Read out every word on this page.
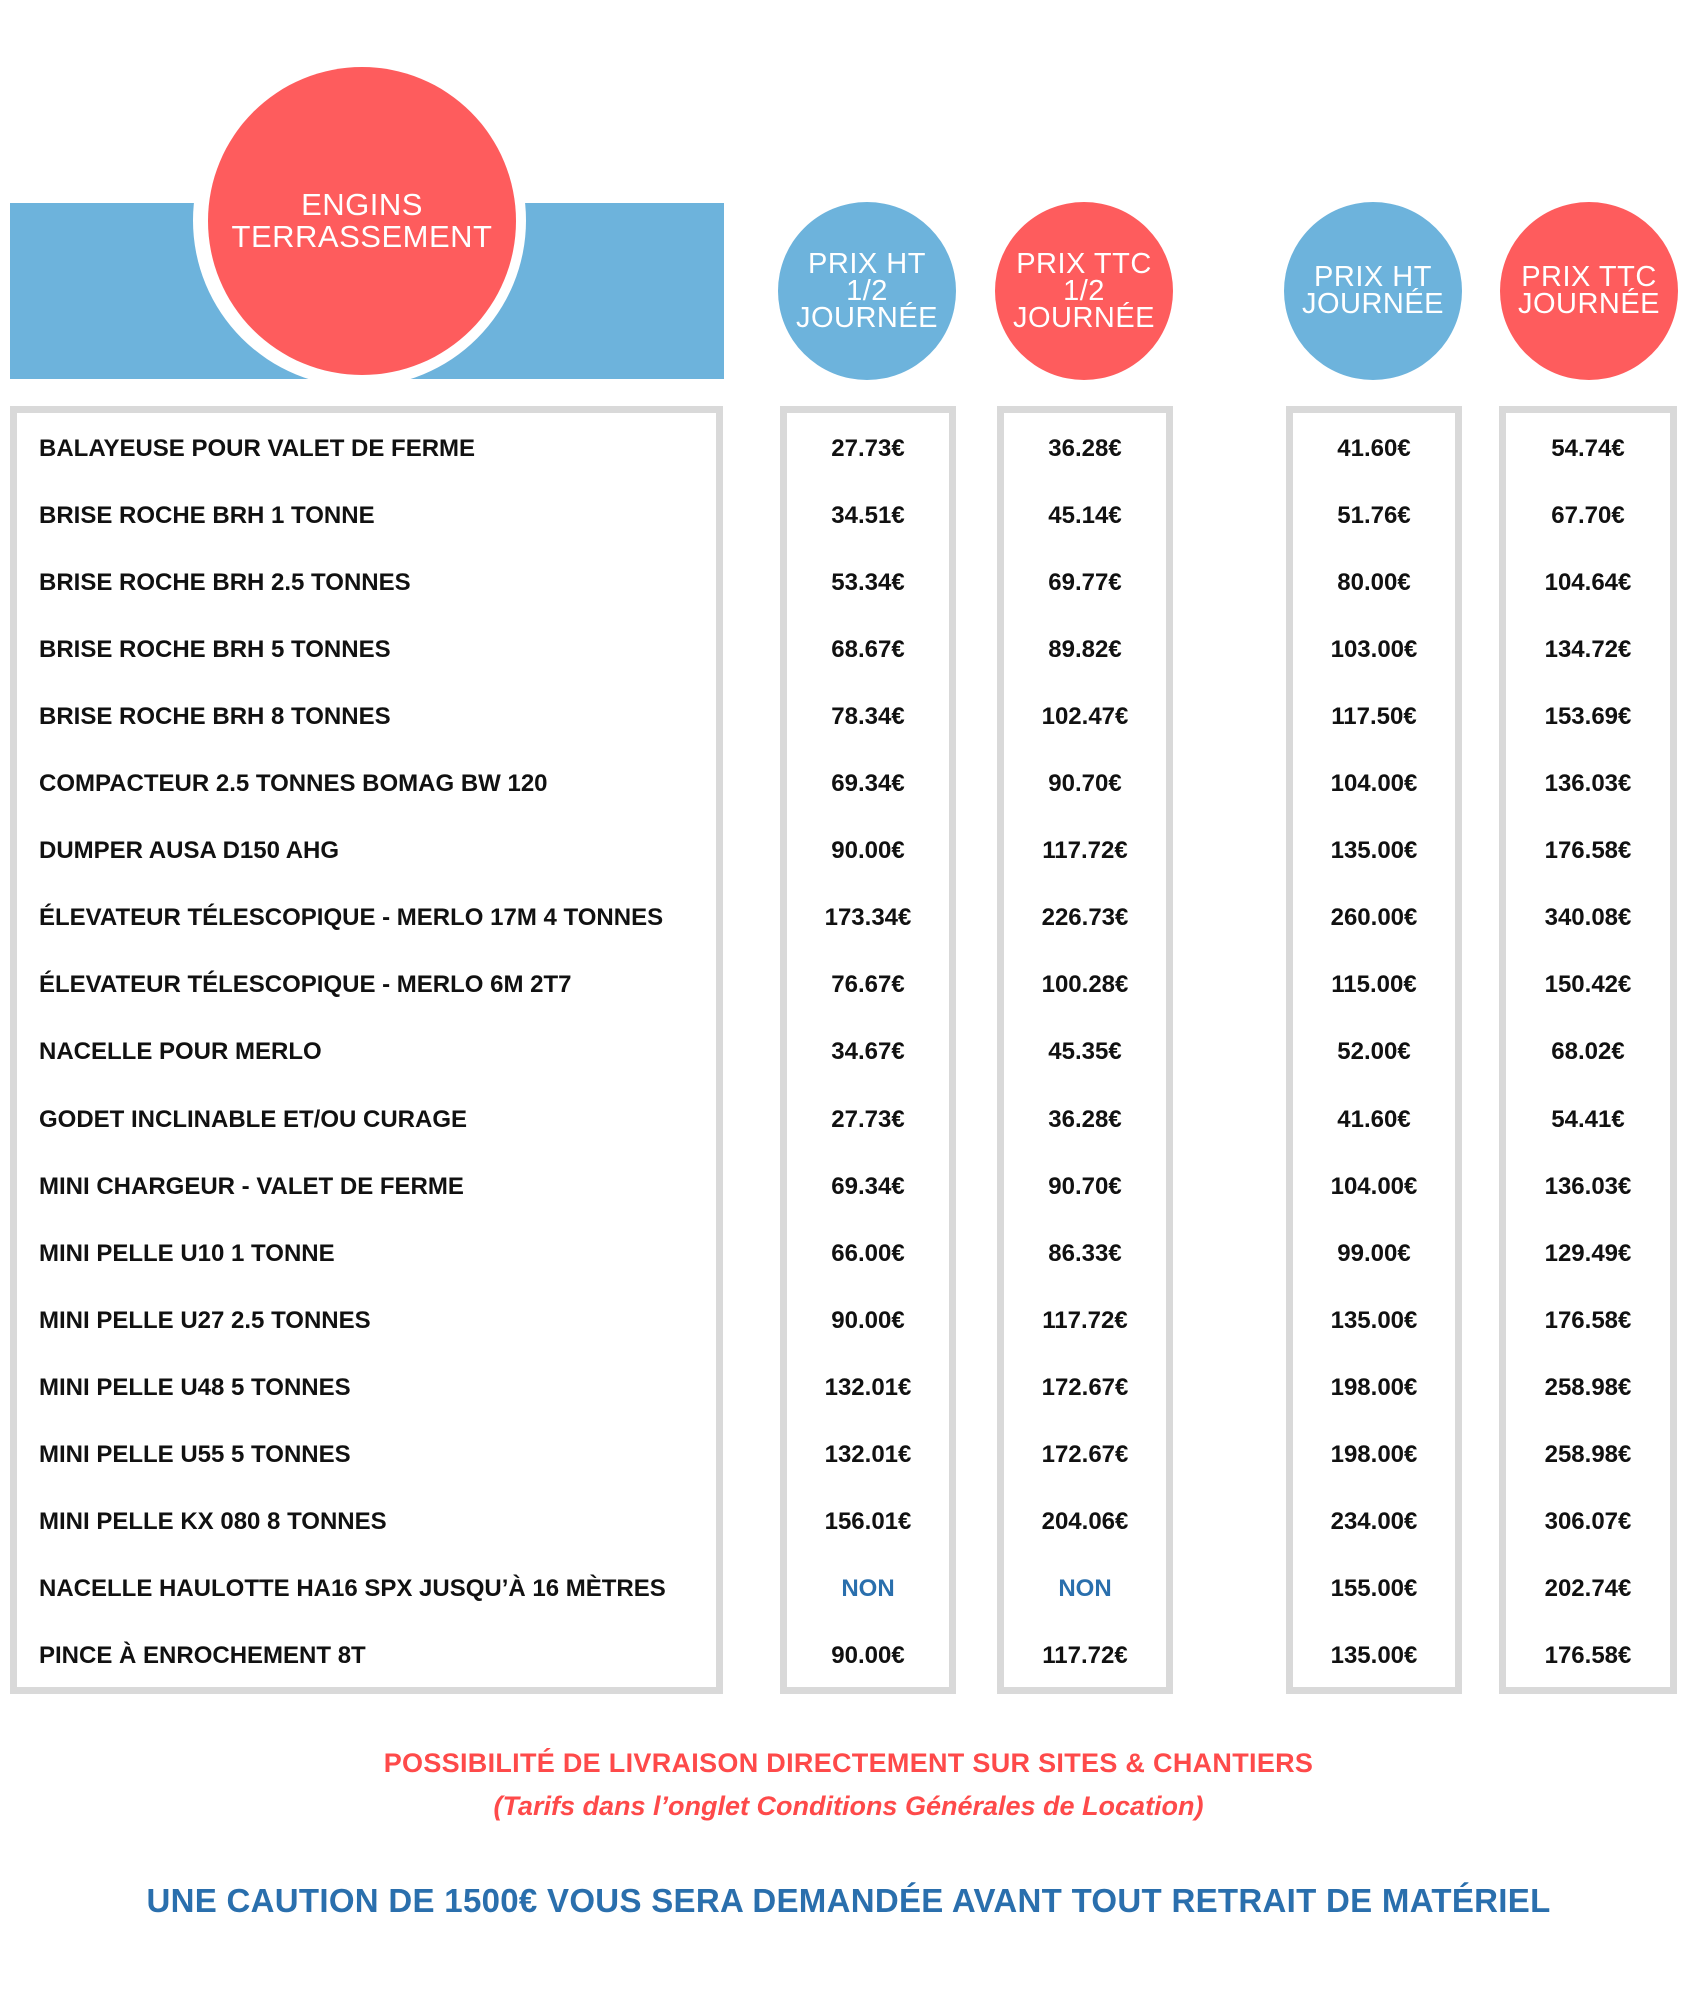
ENGINS
TERRASSEMENT
PRIX HT
1/2
JOURNÉE
PRIX TTC
1/2
JOURNÉE
PRIX HT
JOURNÉE
PRIX TTC
JOURNÉE
BALAYEUSE POUR VALET DE FERME
BRISE ROCHE BRH 1 TONNE
BRISE ROCHE BRH 2.5 TONNES
BRISE ROCHE BRH 5 TONNES
BRISE ROCHE BRH 8 TONNES
COMPACTEUR 2.5 TONNES BOMAG BW 120
DUMPER AUSA D150 AHG
ÉLEVATEUR TÉLESCOPIQUE - MERLO 17M 4 TONNES
ÉLEVATEUR TÉLESCOPIQUE - MERLO 6M 2T7
NACELLE POUR MERLO
GODET INCLINABLE ET/OU CURAGE
MINI CHARGEUR - VALET DE FERME
MINI PELLE U10 1 TONNE
MINI PELLE U27 2.5 TONNES
MINI PELLE U48 5 TONNES
MINI PELLE U55 5 TONNES
MINI PELLE KX 080 8 TONNES
NACELLE HAULOTTE HA16 SPX JUSQU’À 16 MÈTRES
PINCE À ENROCHEMENT 8T
27.73€
34.51€
53.34€
68.67€
78.34€
69.34€
90.00€
173.34€
76.67€
34.67€
27.73€
69.34€
66.00€
90.00€
132.01€
132.01€
156.01€
NON
90.00€
36.28€
45.14€
69.77€
89.82€
102.47€
90.70€
117.72€
226.73€
100.28€
45.35€
36.28€
90.70€
86.33€
117.72€
172.67€
172.67€
204.06€
NON
117.72€
41.60€
51.76€
80.00€
103.00€
117.50€
104.00€
135.00€
260.00€
115.00€
52.00€
41.60€
104.00€
99.00€
135.00€
198.00€
198.00€
234.00€
155.00€
135.00€
54.74€
67.70€
104.64€
134.72€
153.69€
136.03€
176.58€
340.08€
150.42€
68.02€
54.41€
136.03€
129.49€
176.58€
258.98€
258.98€
306.07€
202.74€
176.58€
POSSIBILITÉ DE LIVRAISON DIRECTEMENT SUR SITES & CHANTIERS
(Tarifs dans l’onglet Conditions Générales de Location)
UNE CAUTION DE 1500€ VOUS SERA DEMANDÉE AVANT TOUT RETRAIT DE MATÉRIEL
